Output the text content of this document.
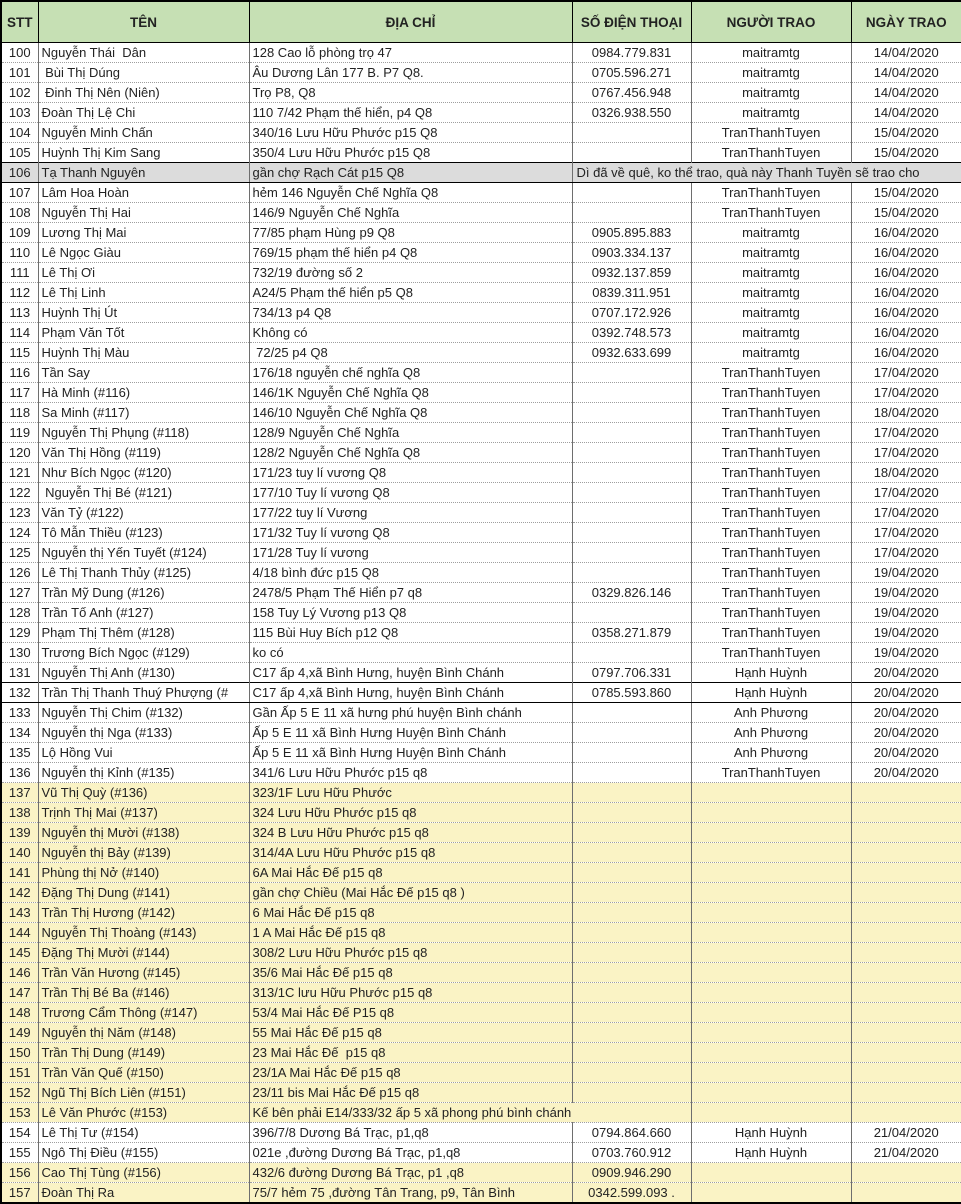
STT	TÊN	ĐỊA CHỈ	SỐ ĐIỆN THOẠI	NGƯỜI TRAO	NGÀY TRAO
100	Nguyễn Thái  Dân	128 Cao lỗ phòng trọ 47	0984.779.831	maitramtg	14/04/2020
101	Bùi Thị Dúng	Âu Dương Lân 177 B. P7 Q8.	0705.596.271	maitramtg	14/04/2020
102	Đinh Thị Nên (Niên)	Trọ P8, Q8	0767.456.948	maitramtg	14/04/2020
103	Đoàn Thị Lệ Chi	110 7/42 Phạm thế hiển, p4 Q8	0326.938.550	maitramtg	14/04/2020
104	Nguyễn Minh Chấn	340/16 Lưu Hữu Phước p15 Q8		TranThanhTuyen	15/04/2020
105	Huỳnh Thị Kim Sang	350/4 Lưu Hữu Phước p15 Q8		TranThanhTuyen	15/04/2020
106	Tạ Thanh Nguyên	gần chợ Rạch Cát p15 Q8	Dì đã về quê, ko thể trao, quà này Thanh Tuyền sẽ trao cho		
107	Lâm Hoa Hoàn	hẻm 146 Nguyễn Chế Nghĩa Q8		TranThanhTuyen	15/04/2020
108	Nguyễn Thị Hai	146/9 Nguyễn Chế Nghĩa		TranThanhTuyen	15/04/2020
109	Lương Thị Mai	77/85 phạm Hùng p9 Q8	0905.895.883	maitramtg	16/04/2020
110	Lê Ngọc Giàu	769/15 phạm thế hiển p4 Q8	0903.334.137	maitramtg	16/04/2020
111	Lê Thị Ơi	732/19 đường số 2	0932.137.859	maitramtg	16/04/2020
112	Lê Thị Linh	A24/5 Phạm thế hiển p5 Q8	0839.311.951	maitramtg	16/04/2020
113	Huỳnh Thị Út	734/13 p4 Q8	0707.172.926	maitramtg	16/04/2020
114	Phạm Văn Tốt	Không có	0392.748.573	maitramtg	16/04/2020
115	Huỳnh Thị Màu	72/25 p4 Q8	0932.633.699	maitramtg	16/04/2020
116	Tần Say	176/18 nguyễn chế nghĩa Q8		TranThanhTuyen	17/04/2020
117	Hà Minh (#116)	146/1K Nguyễn Chế Nghĩa Q8		TranThanhTuyen	17/04/2020
118	Sa Minh (#117)	146/10 Nguyễn Chế Nghĩa Q8		TranThanhTuyen	18/04/2020
119	Nguyễn Thị Phụng (#118)	128/9 Nguyễn Chế Nghĩa		TranThanhTuyen	17/04/2020
120	Văn Thị Hồng (#119)	128/2 Nguyễn Chế Nghĩa Q8		TranThanhTuyen	17/04/2020
121	Như Bích Ngọc (#120)	171/23 tuy lí vương Q8		TranThanhTuyen	18/04/2020
122	Nguyễn Thị Bé (#121)	177/10 Tuy lí vương Q8		TranThanhTuyen	17/04/2020
123	Văn Tỷ (#122)	177/22 tuy lí Vương		TranThanhTuyen	17/04/2020
124	Tô Mẫn Thiều (#123)	171/32 Tuy lí vương Q8		TranThanhTuyen	17/04/2020
125	Nguyễn thị Yến Tuyết (#124)	171/28 Tuy lí vương		TranThanhTuyen	17/04/2020
126	Lê Thị Thanh Thủy (#125)	4/18 bình đức p15 Q8		TranThanhTuyen	19/04/2020
127	Trần Mỹ Dung (#126)	2478/5 Phạm Thế Hiển p7 q8	0329.826.146	TranThanhTuyen	19/04/2020
128	Trần Tố Anh (#127)	158 Tuy Lý Vương p13 Q8		TranThanhTuyen	19/04/2020
129	Phạm Thị Thêm (#128)	115 Bùi Huy Bích p12 Q8	0358.271.879	TranThanhTuyen	19/04/2020
130	Trương Bích Ngọc (#129)	ko có		TranThanhTuyen	19/04/2020
131	Nguyễn Thị Anh (#130)	C17 ấp 4,xã Bình Hưng, huyện Bình Chánh	0797.706.331	Hạnh Huỳnh	20/04/2020
132	Trần Thị Thanh Thuý Phượng (#	C17 ấp 4,xã Bình Hưng, huyện Bình Chánh	0785.593.860	Hạnh Huỳnh	20/04/2020
133	Nguyễn Thị Chim (#132)	Gần Ấp 5 E 11 xã hưng phú huyện Bình chánh		Anh Phương	20/04/2020
134	Nguyễn thị Nga (#133)	Ấp 5 E 11 xã Bình Hưng Huyện Bình Chánh		Anh Phương	20/04/2020
135	Lộ Hồng Vui	Ấp 5 E 11 xã Bình Hưng Huyện Bình Chánh		Anh Phương	20/04/2020
136	Nguyễn thị Kỉnh (#135)	341/6 Lưu Hữu Phước p15 q8		TranThanhTuyen	20/04/2020
137	Vũ Thị Quỳ (#136)	323/1F Lưu Hữu Phước			
138	Trịnh Thị Mai (#137)	324 Lưu Hữu Phước p15 q8			
139	Nguyễn thị Mười (#138)	324 B Lưu Hữu Phước p15 q8			
140	Nguyễn thị Bảy (#139)	314/4A Lưu Hữu Phước p15 q8			
141	Phùng thị Nở (#140)	6A Mai Hắc Đế p15 q8			
142	Đặng Thị Dung (#141)	gần chợ Chiều (Mai Hắc Đế p15 q8 )			
143	Trần Thị Hương (#142)	6 Mai Hắc Đế p15 q8			
144	Nguyễn Thị Thoàng (#143)	1 A Mai Hắc Đế p15 q8			
145	Đặng Thị Mười (#144)	308/2 Lưu Hữu Phước p15 q8			
146	Trần Văn Hương (#145)	35/6 Mai Hắc Đế p15 q8			
147	Trần Thị Bé Ba (#146)	313/1C lưu Hữu Phước p15 q8			
148	Trương Cẩm Thông (#147)	53/4 Mai Hắc Đế P15 q8			
149	Nguyễn thị Năm (#148)	55 Mai Hắc Đế p15 q8			
150	Trần Thị Dung (#149)	23 Mai Hắc Đế  p15 q8			
151	Trần Văn Quế (#150)	23/1A Mai Hắc Đế p15 q8			
152	Ngũ Thị Bích Liên (#151)	23/11 bis Mai Hắc Đế p15 q8			
153	Lê Văn Phước (#153)	Kế bên phải E14/333/32 ấp 5 xã phong phú bình chánh			
154	Lê Thị Tư (#154)	396/7/8 Dương Bá Trạc, p1,q8	0794.864.660	Hạnh Huỳnh	21/04/2020
155	Ngô Thị Điều (#155)	021e ,đường Dương Bá Trạc, p1,q8	0703.760.912	Hạnh Huỳnh	21/04/2020
156	Cao Thị Tùng (#156)	432/6 đường Dương Bá Trạc, p1 ,q8	0909.946.290		
157	Đoàn Thị Ra	75/7 hẻm 75 ,đường Tân Trang, p9, Tân Bình	0342.599.093 .		
